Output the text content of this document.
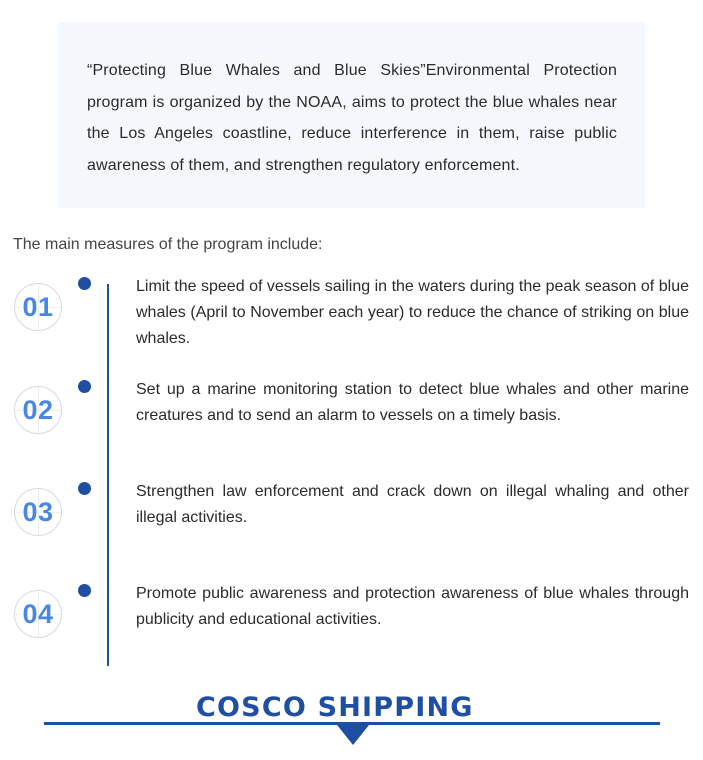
“Protecting Blue Whales and Blue Skies”Environmental Protection program is organized by the NOAA, aims to protect the blue whales near the Los Angeles coastline, reduce interference in them, raise public awareness of them, and strengthen regulatory enforcement.

The main measures of the program include:
01

Limit the speed of vessels sailing in the waters during the peak season of blue whales (April to November each year) to reduce the chance of striking on blue whales.

02

Set up a marine monitoring station to detect blue whales and other marine creatures and to send an alarm to vessels on a timely basis.

03

Strengthen law enforcement and crack down on illegal whaling and other illegal activities.

04

Promote public awareness and protection awareness of blue whales through publicity and educational activities.

COSCO SHIPPING
